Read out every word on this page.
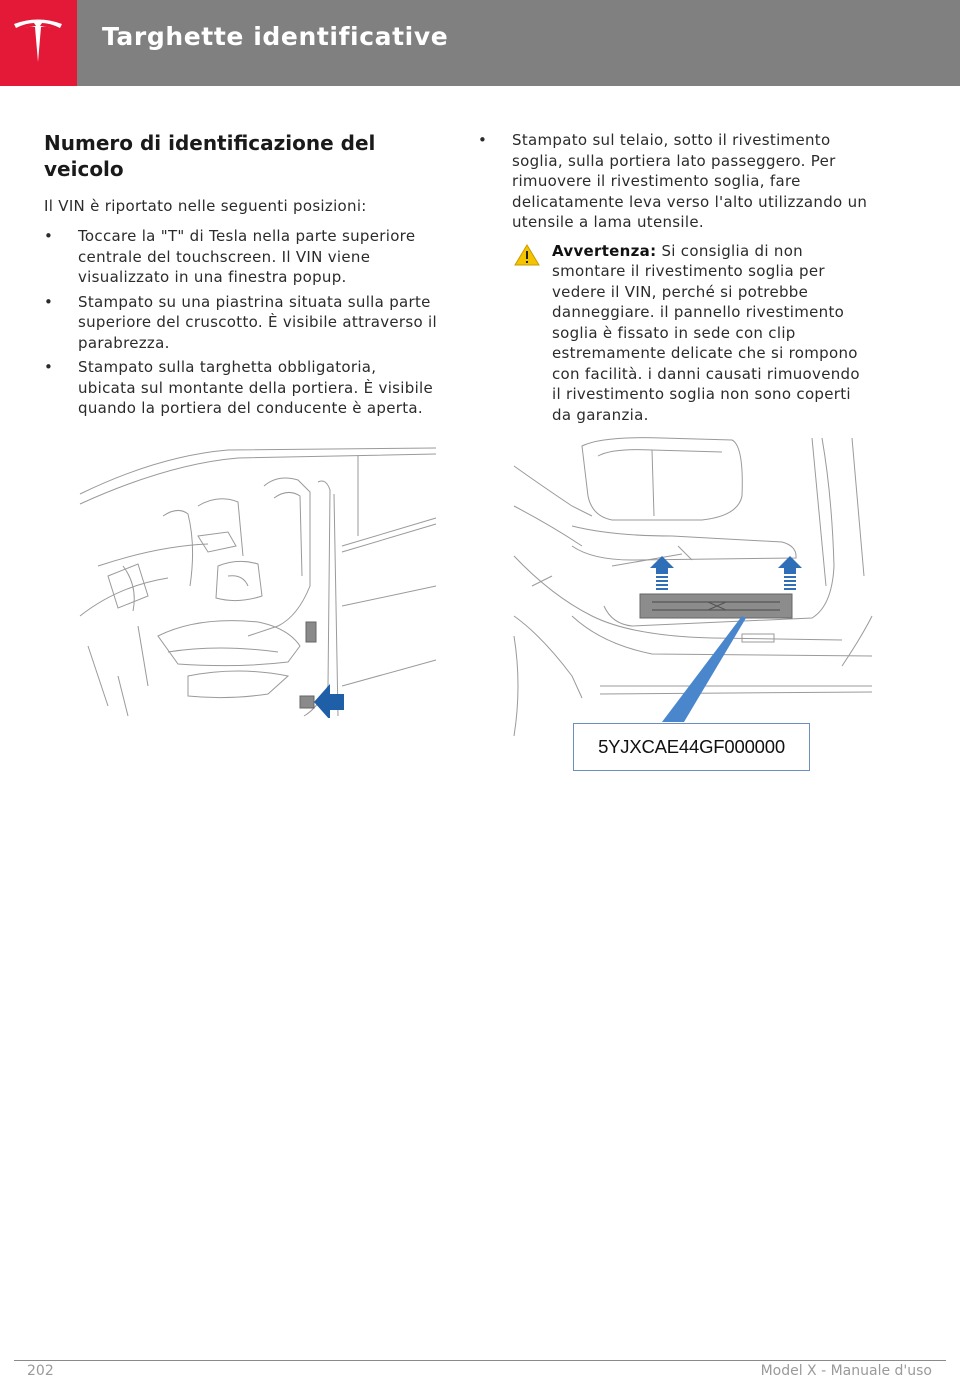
Targhette identificative
Numero di identificazione del veicolo

Il VIN è riportato nelle seguenti posizioni:

• Toccare la "T" di Tesla nella parte superiore centrale del touchscreen. Il VIN viene visualizzato in una finestra popup.
• Stampato su una piastrina situata sulla parte superiore del cruscotto. È visibile attraverso il parabrezza.
• Stampato sulla targhetta obbligatoria, ubicata sul montante della portiera. È visibile quando la portiera del conducente è aperta.
• Stampato sul telaio, sotto il rivestimento soglia, sulla portiera lato passeggero. Per rimuovere il rivestimento soglia, fare delicatamente leva verso l'alto utilizzando un utensile a lama utensile.
Avvertenza: Si consiglia di non smontare il rivestimento soglia per vedere il VIN, perché si potrebbe danneggiare. il pannello rivestimento soglia è fissato in sede con clip estremamente delicate che si rompono con facilità. i danni causati rimuovendo il rivestimento soglia non sono coperti da garanzia.
5YJXCAE44GF000000
202	Model X - Manuale d'uso
